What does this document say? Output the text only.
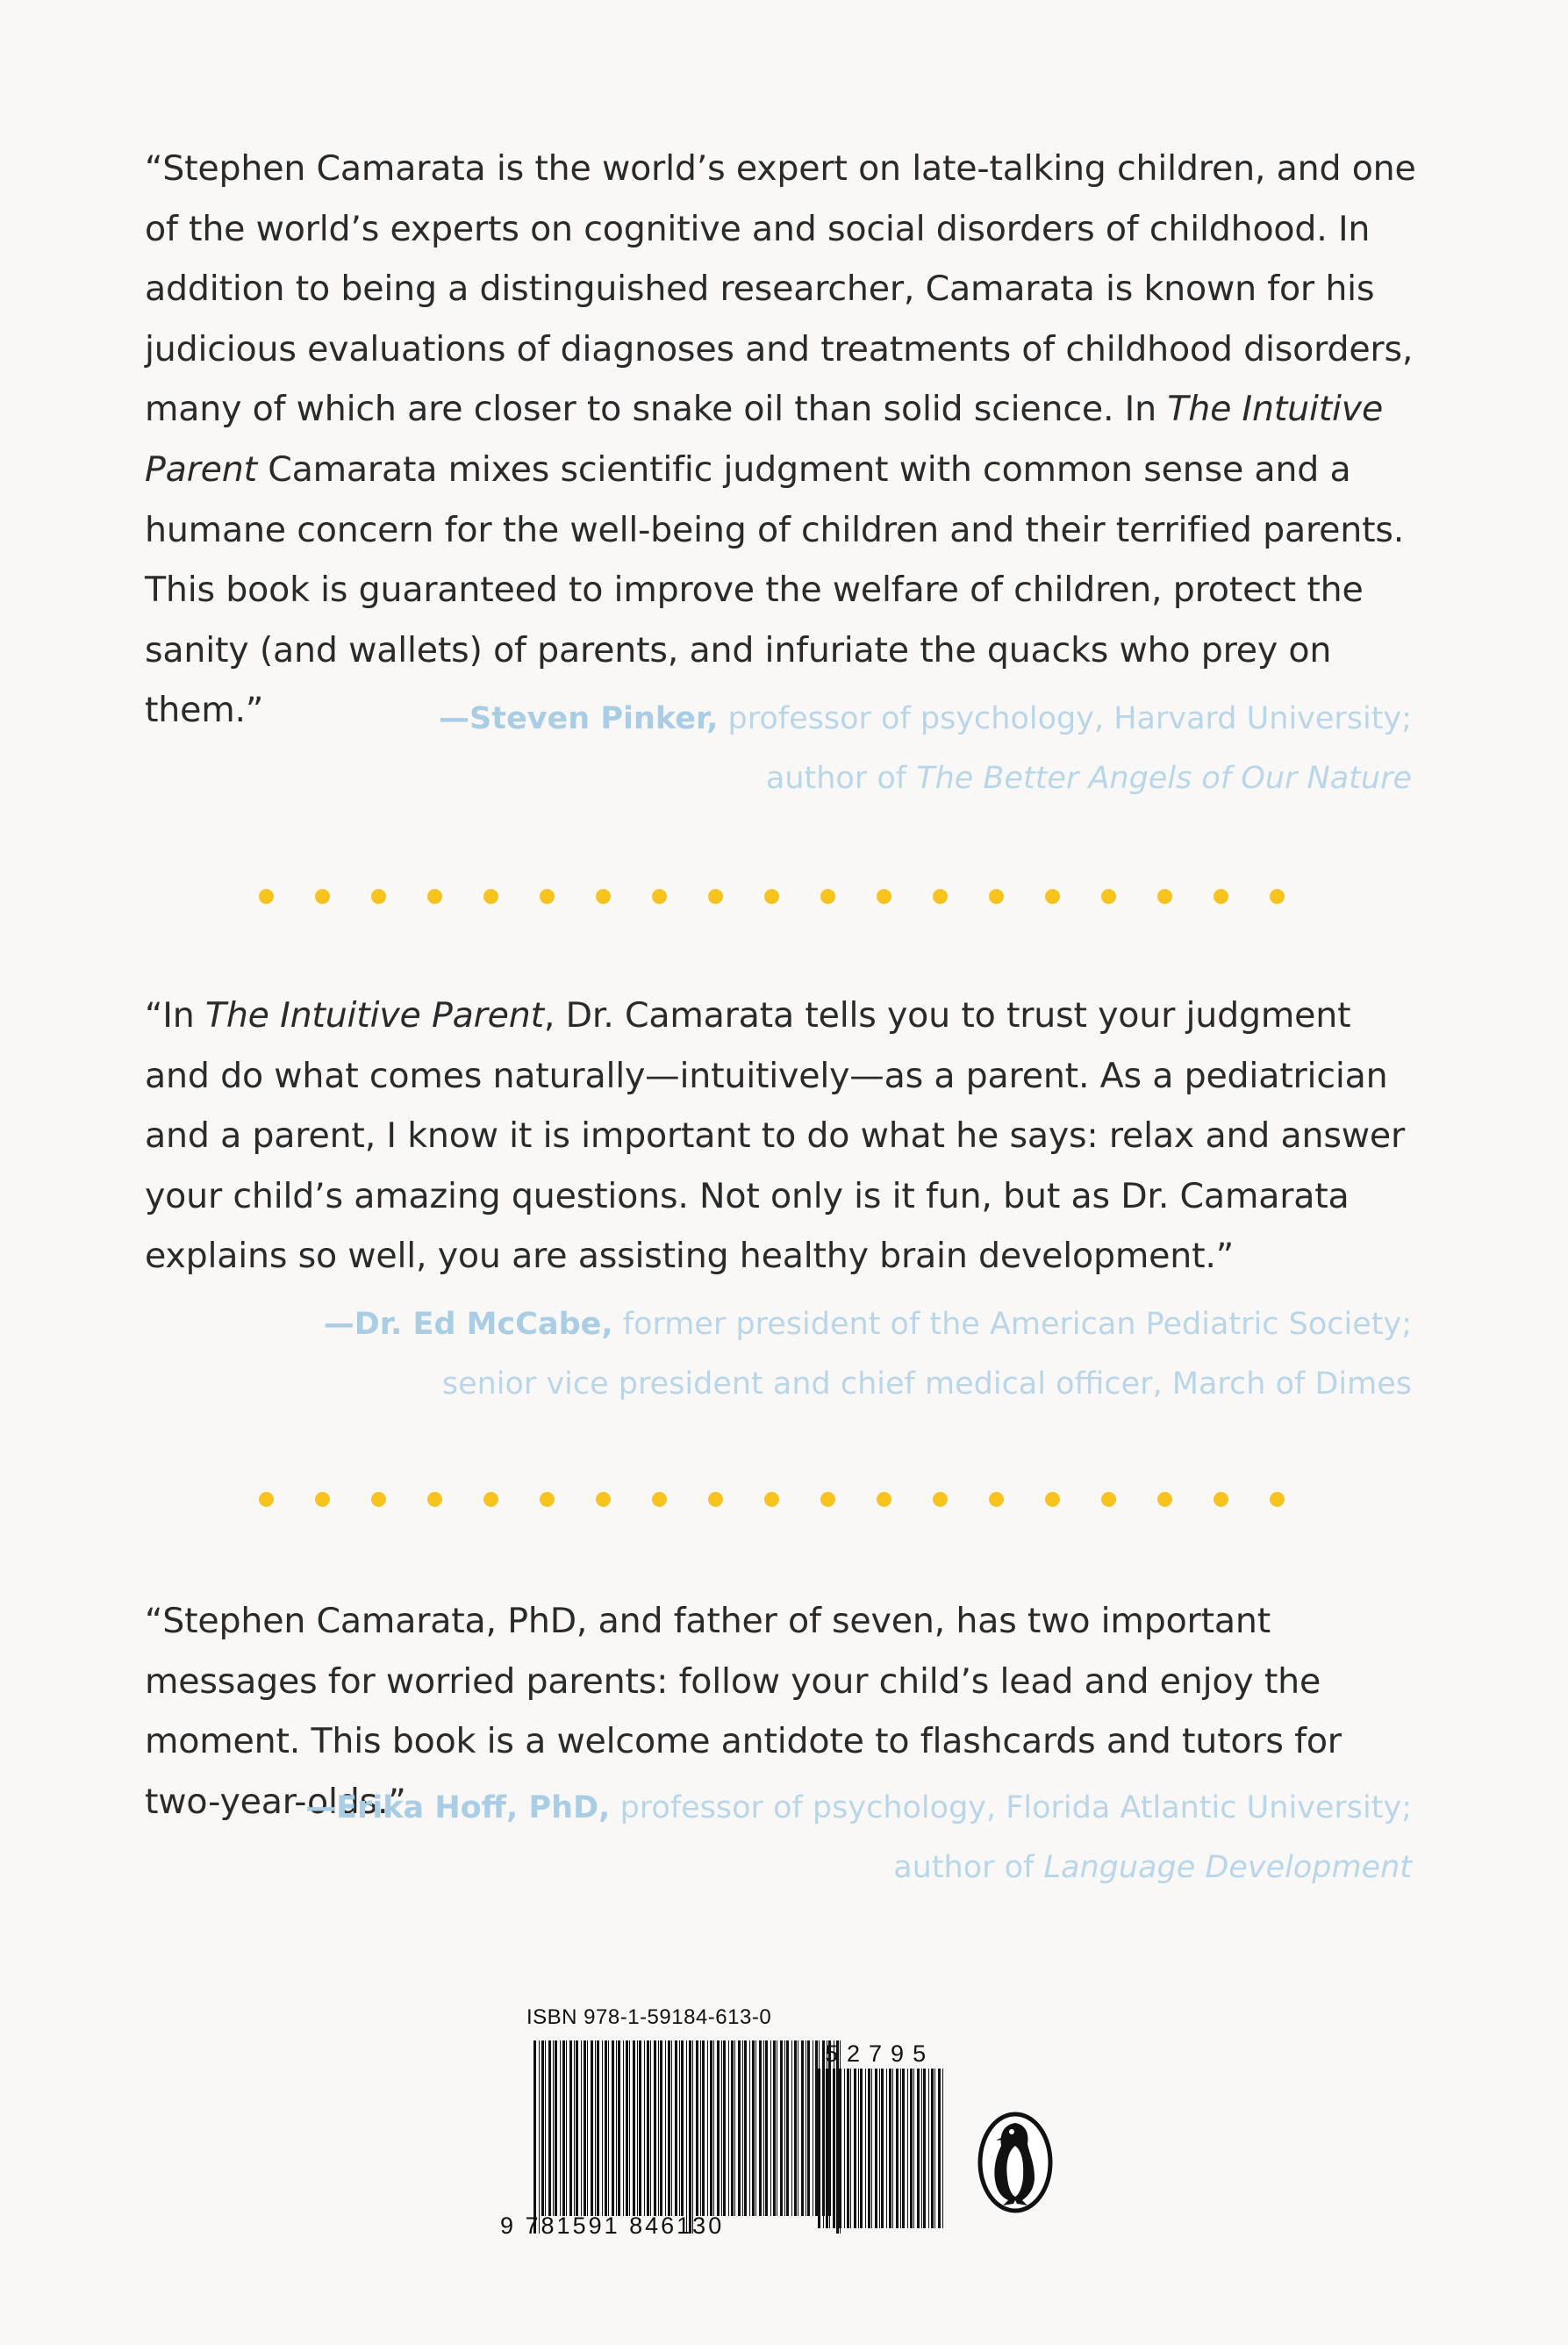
“Stephen Camarata is the world’s expert on late-talking children, and one of the world’s experts on cognitive and social disorders of childhood. In addition to being a distinguished researcher, Camarata is known for his judicious evaluations of diagnoses and treatments of childhood disorders, many of which are closer to snake oil than solid science. In The Intuitive Parent Camarata mixes scientific judgment with common sense and a humane concern for the well-being of children and their terrified parents. This book is guaranteed to improve the welfare of children, protect the sanity (and wallets) of parents, and infuriate the quacks who prey on them.”	—Steven Pinker, professor of psychology, Harvard University;
author of The Better Angels of Our Nature

“In The Intuitive Parent, Dr. Camarata tells you to trust your judgment and do what comes naturally—intuitively—as a parent. As a pediatrician and a parent, I know it is important to do what he says: relax and answer your child’s amazing questions. Not only is it fun, but as Dr. Camarata explains so well, you are assisting healthy brain development.”

—Dr. Ed McCabe, former president of the American Pediatric Society;
senior vice president and chief medical officer, March of Dimes

“Stephen Camarata, PhD, and father of seven, has two important messages for worried parents: follow your child’s lead and enjoy the moment. This book is a welcome antidote to flashcards and tutors for two-year-olds.”

—Erika Hoff, PhD, professor of psychology, Florida Atlantic University;
author of Language Development

ISBN 978-1-59184-613-0
9 781591 846130
52795
